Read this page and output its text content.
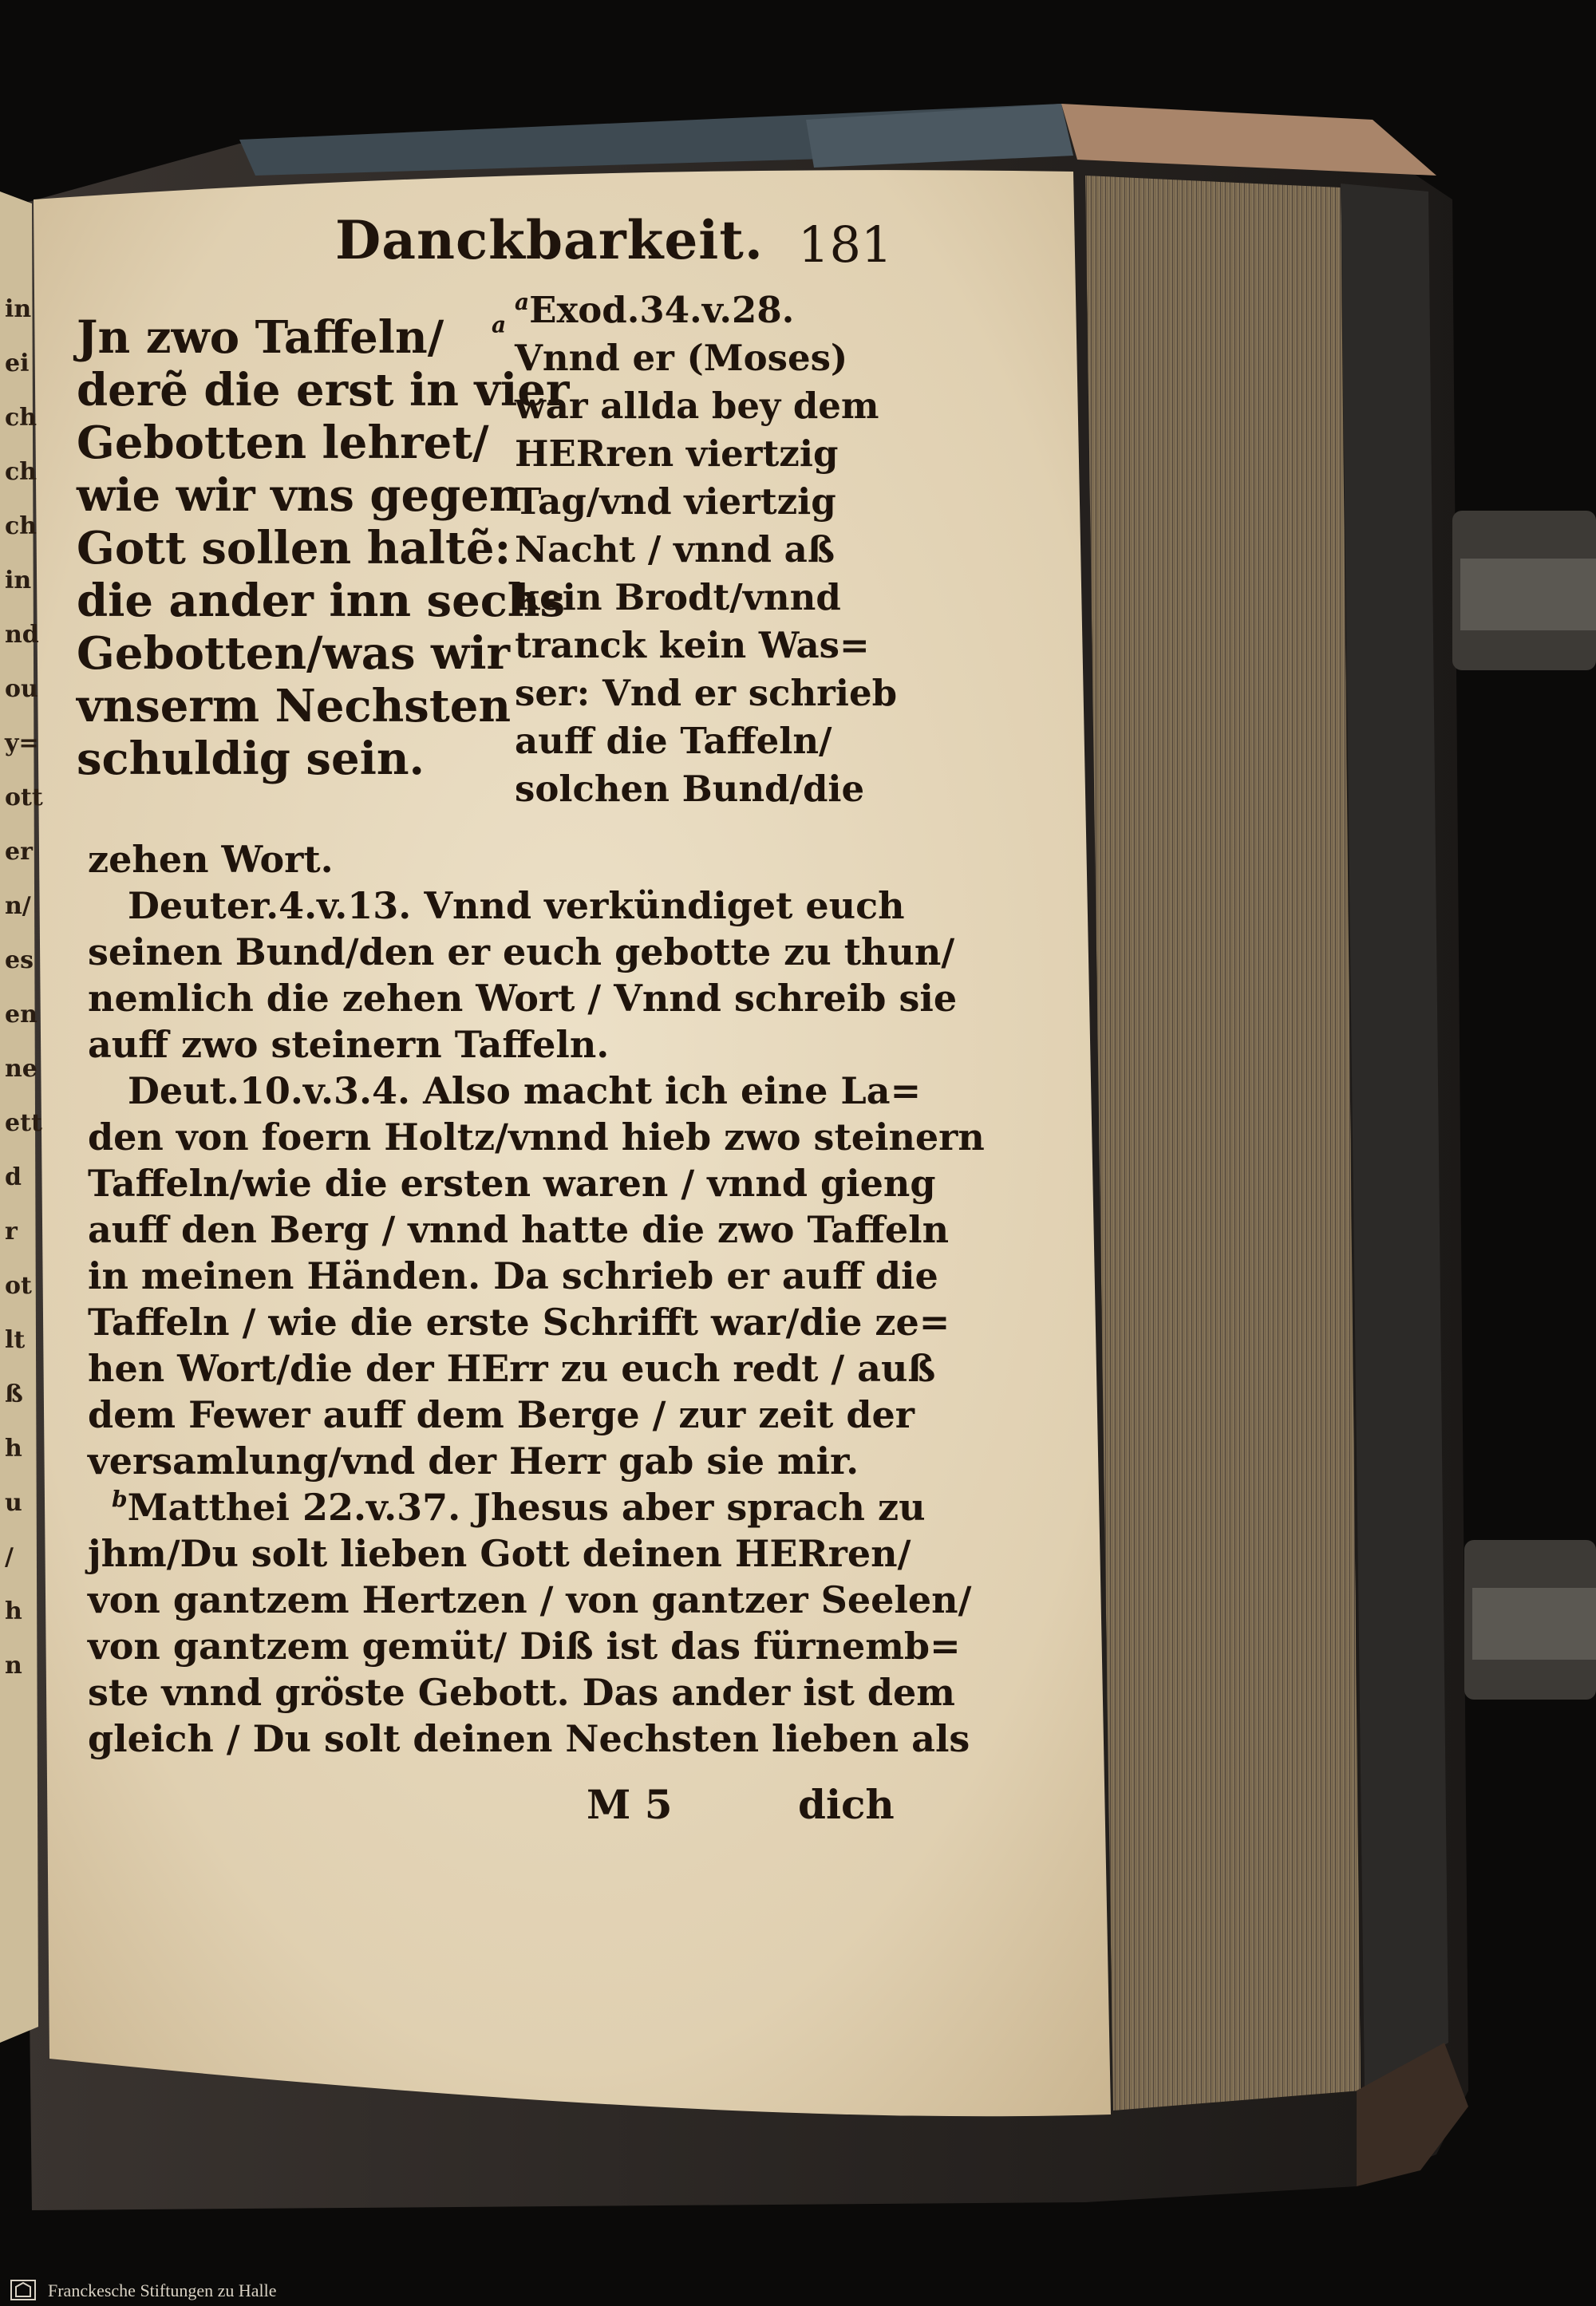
Danckbarkeit. 181
Jn zwo Taffeln/ $^a$
derẽ die erst in vier
Gebotten lehret/
wie wir vns gegen
Gott sollen haltẽ:
die ander inn sechs
Gebotten/was wir
vnserm Nechsten
schuldig sein.
$^a$Exod.34.v.28.
Vnnd er (Moses)
war allda bey dem
HERren viertzig
Tag/vnd viertzig
Nacht / vnnd aß
kein Brodt/vnnd
tranck kein Was=
ser: Vnd er schrieb
auff die Taffeln/
solchen Bund/die
zehen Wort.
Deuter.4.v.13. Vnnd verkündiget euch
seinen Bund/den er euch gebotte zu thun/
nemlich die zehen Wort / Vnnd schreib sie
auff zwo steinern Taffeln.
Deut.10.v.3.4. Also macht ich eine La=
den von foern Holtz/vnnd hieb zwo steinern
Taffeln/wie die ersten waren / vnnd gieng
auff den Berg / vnnd hatte die zwo Taffeln
in meinen Händen. Da schrieb er auff die
Taffeln / wie die erste Schrifft war/die ze=
hen Wort/die der HErr zu euch redt / auß
dem Fewer auff dem Berge / zur zeit der
versamlung/vnd der Herr gab sie mir.
$^b$Matthei 22.v.37. Jhesus aber sprach zu
jhm/Du solt lieben Gott deinen HERren/
von gantzem Hertzen / von gantzer Seelen/
von gantzem gemüt/ Diß ist das fürnemb=
ste vnnd gröste Gebott. Das ander ist dem
gleich / Du solt deinen Nechsten lieben als
M 5	dich
in
ei
ch
ch
ch
in
nd
ou
y=
ott
er
n/
es
en
ne
ett
d
r
ot
lt
ß
h
u
/
h
n
Franckesche Stiftungen zu Halle
